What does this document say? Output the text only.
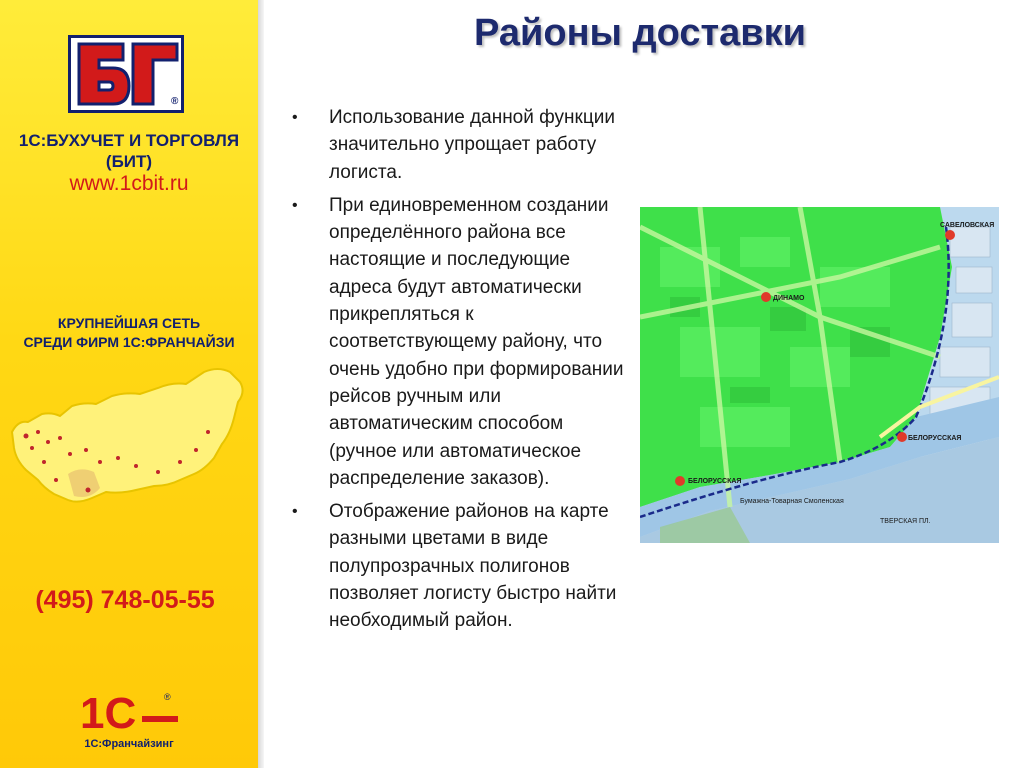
®
1С:БУХУЧЕТ И ТОРГОВЛЯ
(БИТ)
www.1cbit.ru
КРУПНЕЙШАЯ СЕТЬ
СРЕДИ ФИРМ 1С:ФРАНЧАЙЗИ
(495) 748-05-55
1С	®
1С:Франчайзинг
Районы доставки
• Использование данной функции значительно упрощает работу логиста.
• При единовременном создании определённого района все настоящие и последующие адреса будут автоматически прикрепляться к соответствующему району, что очень удобно при формировании рейсов ручным или автоматическим способом (ручное или автоматическое распределение заказов).
• Отображение районов на карте разными цветами в виде полупрозрачных полигонов позволяет логисту быстро найти необходимый район.
ДИНАМО
САВЕЛОВСКАЯ
БЕЛОРУССКАЯ
БЕЛОРУССКАЯ
Бумажна-Товарная Смоленская
ТВЕРСКАЯ ПЛ.
